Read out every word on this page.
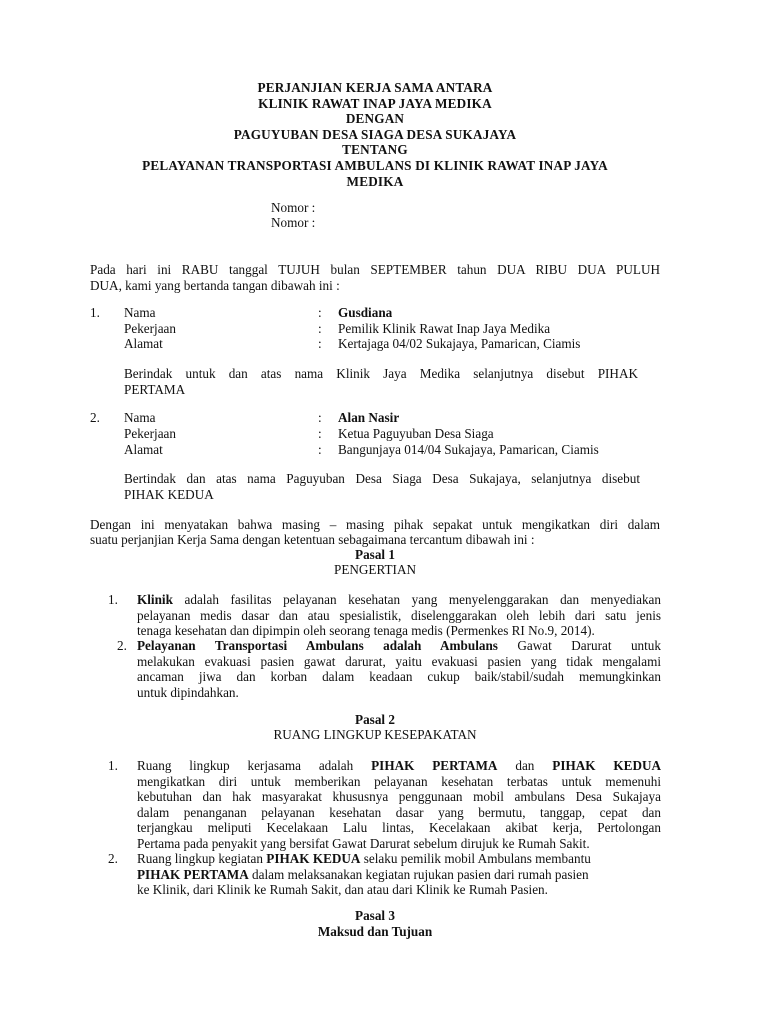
PERJANJIAN KERJA SAMA ANTARA
KLINIK RAWAT INAP JAYA MEDIKA
DENGAN
PAGUYUBAN DESA SIAGA DESA SUKAJAYA
TENTANG
PELAYANAN TRANSPORTASI AMBULANS DI KLINIK RAWAT INAP JAYA
MEDIKA
Nomor :
Nomor :
Pada hari ini RABU tanggal TUJUH bulan SEPTEMBER tahun DUA RIBU DUA PULUH
DUA, kami yang bertanda tangan dibawah ini :
1. Nama	: Gusdiana
Pekerjaan	: Pemilik Klinik Rawat Inap Jaya Medika
Alamat	: Kertajaga 04/02 Sukajaya, Pamarican, Ciamis
Berindak untuk dan atas nama Klinik Jaya Medika selanjutnya disebut PIHAK
PERTAMA
2. Nama	: Alan Nasir
Pekerjaan	: Ketua Paguyuban Desa Siaga
Alamat	: Bangunjaya 014/04 Sukajaya, Pamarican, Ciamis
Bertindak dan atas nama Paguyuban Desa Siaga Desa Sukajaya, selanjutnya disebut
PIHAK KEDUA
Dengan ini menyatakan bahwa masing – masing pihak sepakat untuk mengikatkan diri dalam
suatu perjanjian Kerja Sama dengan ketentuan sebagaimana tercantum dibawah ini :
Pasal 1
PENGERTIAN
1. Klinik adalah fasilitas pelayanan kesehatan yang menyelenggarakan dan menyediakan
pelayanan medis dasar dan atau spesialistik, diselenggarakan oleh lebih dari satu jenis
tenaga kesehatan dan dipimpin oleh seorang tenaga medis (Permenkes RI No.9, 2014).
2. Pelayanan Transportasi Ambulans adalah Ambulans Gawat Darurat untuk
melakukan evakuasi pasien gawat darurat, yaitu evakuasi pasien yang tidak mengalami
ancaman jiwa dan korban dalam keadaan cukup baik/stabil/sudah memungkinkan
untuk dipindahkan.
Pasal 2
RUANG LINGKUP KESEPAKATAN
1. Ruang lingkup kerjasama adalah PIHAK PERTAMA dan PIHAK KEDUA
mengikatkan diri untuk memberikan pelayanan kesehatan terbatas untuk memenuhi
kebutuhan dan hak masyarakat khususnya penggunaan mobil ambulans Desa Sukajaya
dalam penanganan pelayanan kesehatan dasar yang bermutu, tanggap, cepat dan
terjangkau meliputi Kecelakaan Lalu lintas, Kecelakaan akibat kerja, Pertolongan
Pertama pada penyakit yang bersifat Gawat Darurat sebelum dirujuk ke Rumah Sakit.
2. Ruang lingkup kegiatan PIHAK KEDUA selaku pemilik mobil Ambulans membantu
PIHAK PERTAMA dalam melaksanakan kegiatan rujukan pasien dari rumah pasien
ke Klinik, dari Klinik ke Rumah Sakit, dan atau dari Klinik ke Rumah Pasien.
Pasal 3
Maksud dan Tujuan
